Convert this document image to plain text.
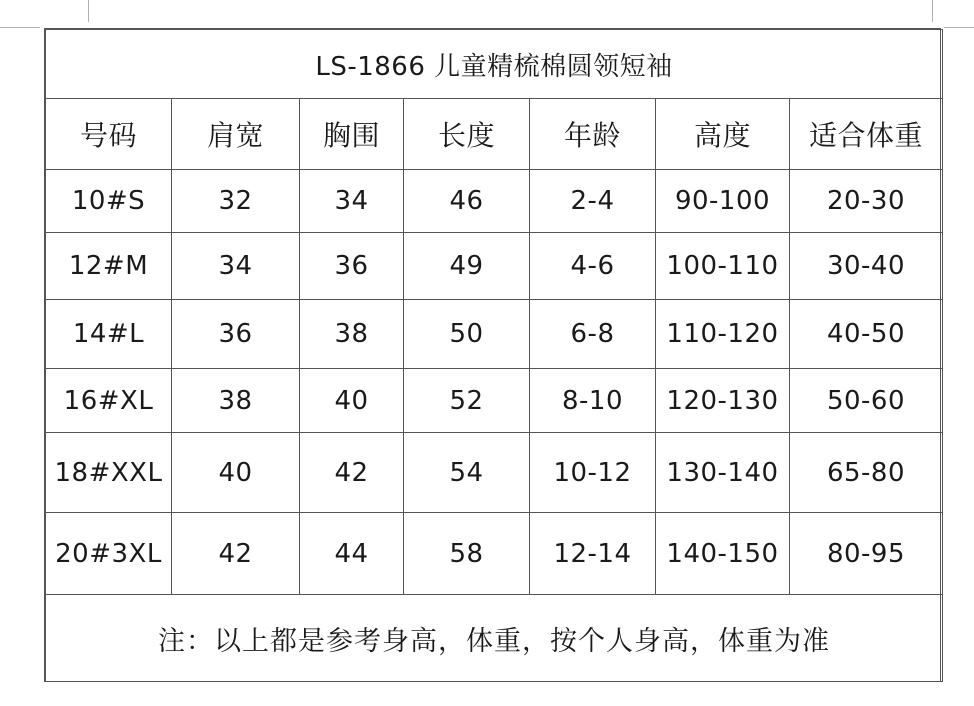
LS-1866 儿童精梳棉圆领短袖						
号码	肩宽	胸围	长度	年龄	高度	适合体重
10#S	32	34	46	2-4	90-100	20-30
12#M	34	36	49	4-6	100-110	30-40
14#L	36	38	50	6-8	110-120	40-50
16#XL	38	40	52	8-10	120-130	50-60
18#XXL	40	42	54	10-12	130-140	65-80
20#3XL	42	44	58	12-14	140-150	80-95
注：以上都是参考身高，体重，按个人身高，体重为准						
